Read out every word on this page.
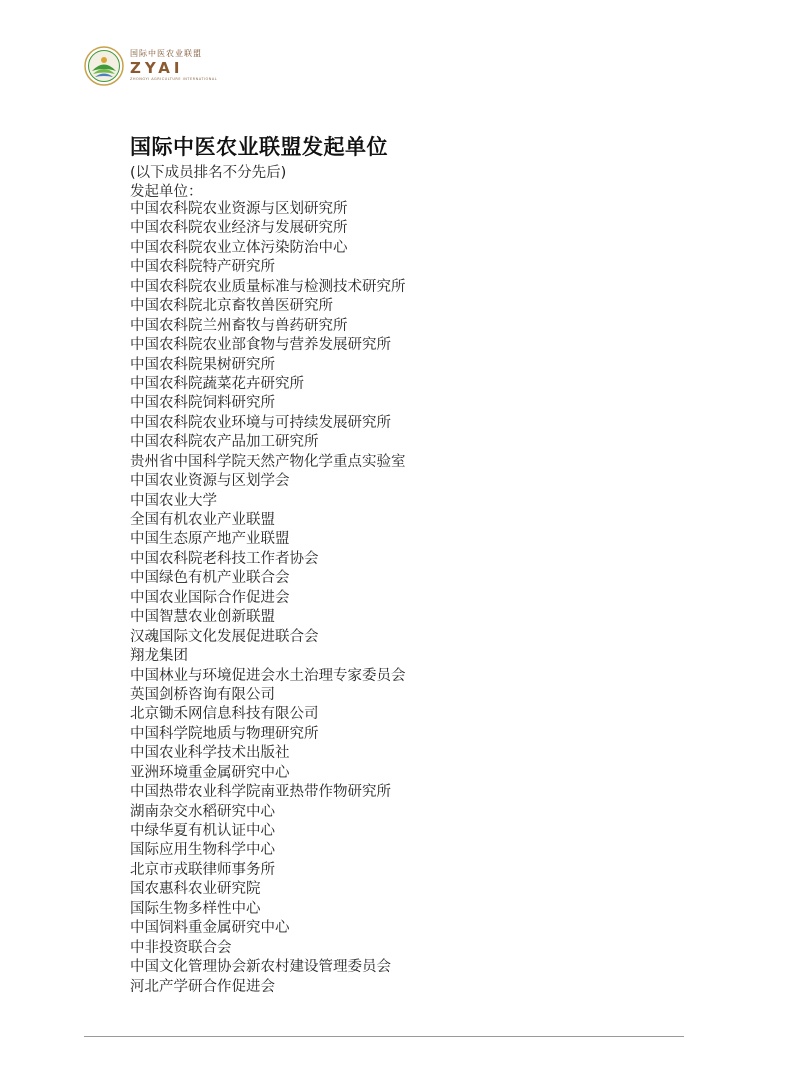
国际中医农业联盟
ZYAI
ZHONGYI AGRICULTURE INTERNATIONAL
国际中医农业联盟发起单位
(以下成员排名不分先后)
发起单位：
中国农科院农业资源与区划研究所
中国农科院农业经济与发展研究所
中国农科院农业立体污染防治中心
中国农科院特产研究所
中国农科院农业质量标准与检测技术研究所
中国农科院北京畜牧兽医研究所
中国农科院兰州畜牧与兽药研究所
中国农科院农业部食物与营养发展研究所
中国农科院果树研究所
中国农科院蔬菜花卉研究所
中国农科院饲料研究所
中国农科院农业环境与可持续发展研究所
中国农科院农产品加工研究所
贵州省中国科学院天然产物化学重点实验室
中国农业资源与区划学会
中国农业大学
全国有机农业产业联盟
中国生态原产地产业联盟
中国农科院老科技工作者协会
中国绿色有机产业联合会
中国农业国际合作促进会
中国智慧农业创新联盟
汉魂国际文化发展促进联合会
翔龙集团
中国林业与环境促进会水土治理专家委员会
英国剑桥咨询有限公司
北京锄禾网信息科技有限公司
中国科学院地质与物理研究所
中国农业科学技术出版社
亚洲环境重金属研究中心
中国热带农业科学院南亚热带作物研究所
湖南杂交水稻研究中心
中绿华夏有机认证中心
国际应用生物科学中心
北京市戎联律师事务所
国农惠科农业研究院
国际生物多样性中心
中国饲料重金属研究中心
中非投资联合会
中国文化管理协会新农村建设管理委员会
河北产学研合作促进会
